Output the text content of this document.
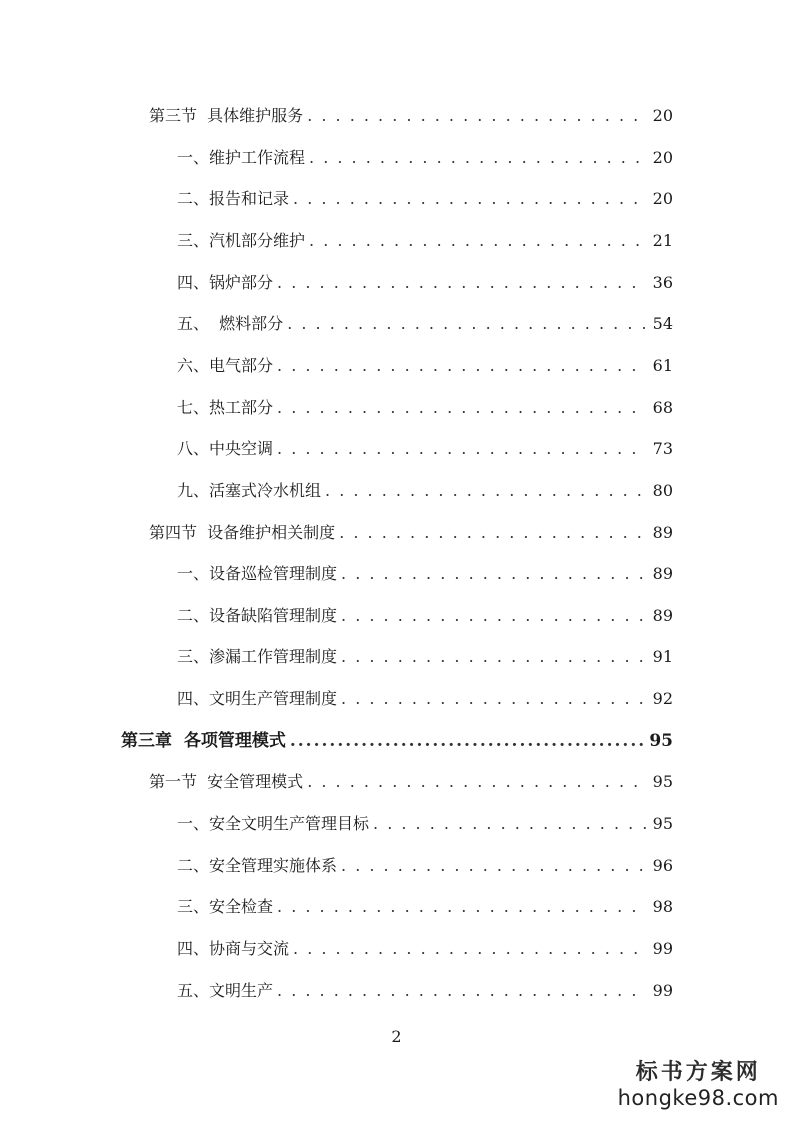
第三节  具体维护服务 . . .	20
一、维护工作流程 . . .	20
二、报告和记录 . . .	20
三、汽机部分维护 . . .	21
四、锅炉部分 . . .	36
五、  燃料部分 . . .	54
六、电气部分 . . .	61
七、热工部分 . . .	68
八、中央空调 . . .	73
九、活塞式冷水机组 . . .	80
第四节  设备维护相关制度 . . .	89
一、设备巡检管理制度 . . .	89
二、设备缺陷管理制度 . . .	89
三、渗漏工作管理制度 . . .	91
四、文明生产管理制度 . . .	92
第三章  各项管理模式 .....	95
第一节  安全管理模式 . . .	95
一、安全文明生产管理目标 . . .	95
二、安全管理实施体系 . . .	96
三、安全检查 . . .	98
四、协商与交流 . . .	99
五、文明生产 . . .	99
2
标书方案网
hongke98.com
